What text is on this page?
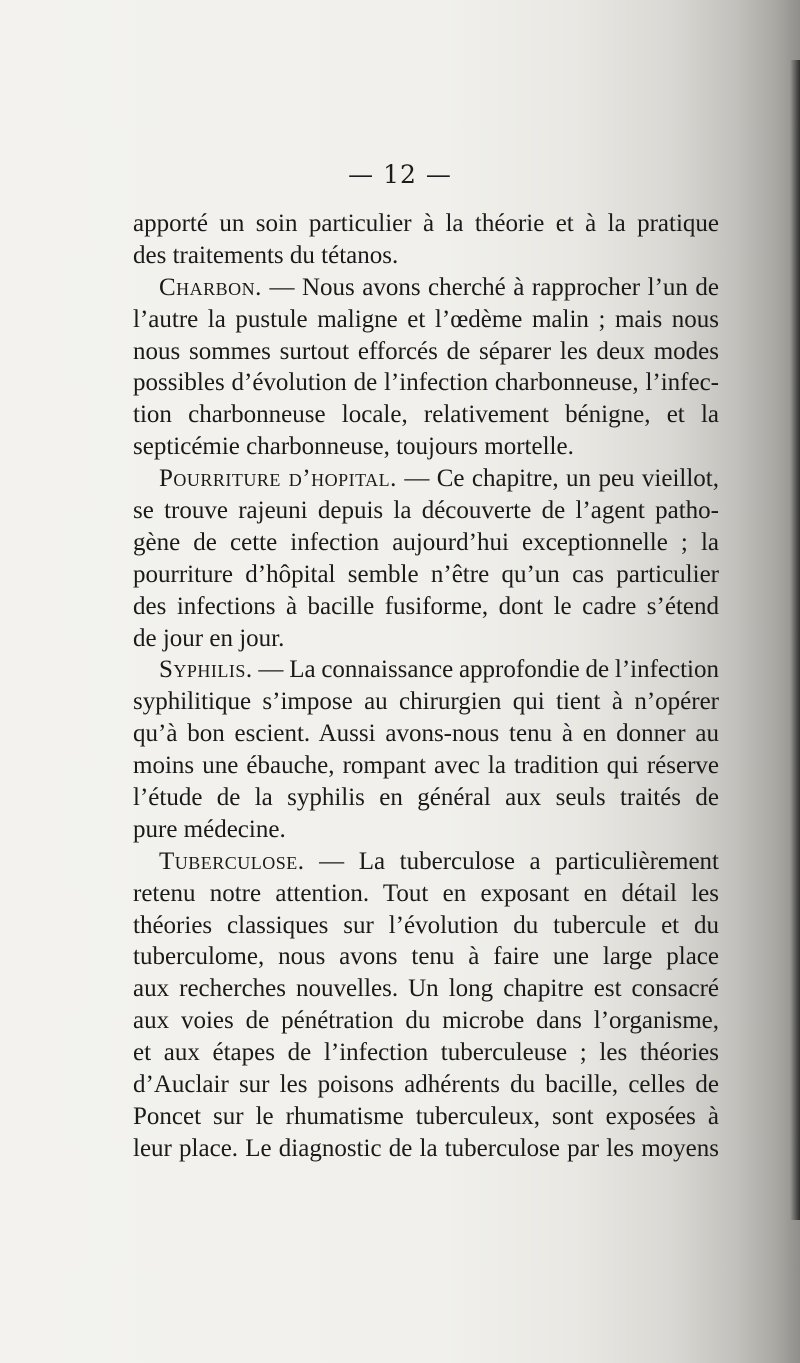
— 12 —
apporté un soin particulier à la théorie et à la pratique
des traitements du tétanos.
Charbon. — Nous avons cherché à rapprocher l’un de
l’autre la pustule maligne et l’œdème malin ; mais nous
nous sommes surtout efforcés de séparer les deux modes
possibles d’évolution de l’infection charbonneuse, l’infec-
tion charbonneuse locale, relativement bénigne, et la
septicémie charbonneuse, toujours mortelle.
Pourriture d’hopital. — Ce chapitre, un peu vieillot,
se trouve rajeuni depuis la découverte de l’agent patho-
gène de cette infection aujourd’hui exceptionnelle ; la
pourriture d’hôpital semble n’être qu’un cas particulier
des infections à bacille fusiforme, dont le cadre s’étend
de jour en jour.
Syphilis. — La connaissance approfondie de l’infection
syphilitique s’impose au chirurgien qui tient à n’opérer
qu’à bon escient. Aussi avons-nous tenu à en donner au
moins une ébauche, rompant avec la tradition qui réserve
l’étude de la syphilis en général aux seuls traités de
pure médecine.
Tuberculose. — La tuberculose a particulièrement
retenu notre attention. Tout en exposant en détail les
théories classiques sur l’évolution du tubercule et du
tuberculome, nous avons tenu à faire une large place
aux recherches nouvelles. Un long chapitre est consacré
aux voies de pénétration du microbe dans l’organisme,
et aux étapes de l’infection tuberculeuse ; les théories
d’Auclair sur les poisons adhérents du bacille, celles de
Poncet sur le rhumatisme tuberculeux, sont exposées à
leur place. Le diagnostic de la tuberculose par les moyens
